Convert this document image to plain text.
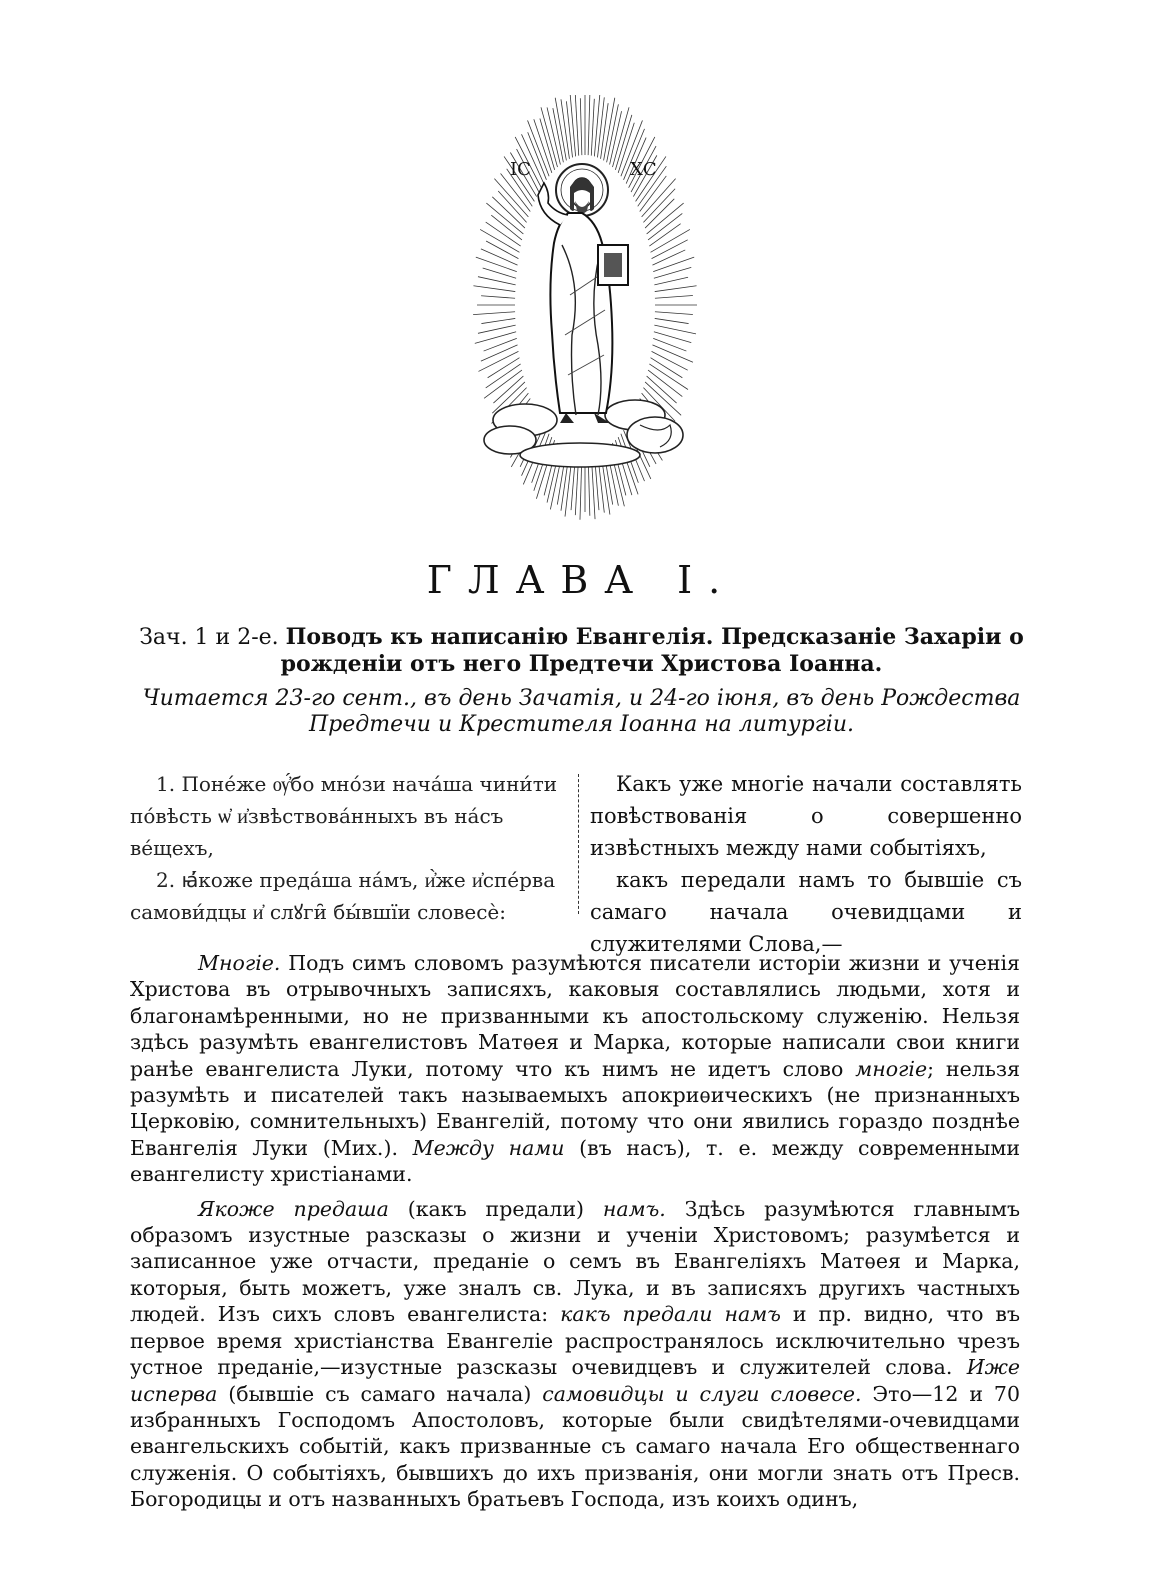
ІС	ХС
ГЛАВА I.
Зач. 1 и 2-е. Поводъ къ написанію Евангелія. Предсказаніе Захаріи о рожденіи отъ него Предтечи Христова Іоанна.
Читается 23-го сент., въ день Зачатія, и 24-го іюня, въ день Рождества Предтечи и Крестителя Іоанна на литургіи.

1. Поне́же ѹ҆́бо мно́зи нача́ша чини́ти по́вѣсть ѡ҆ и҆звѣствова́нныхъ въ на́съ ве́щехъ,

2. ꙗ҆́коже преда́ша на́мъ, и҆̀же и҆спе́рва самови́дцы и҆ слꙋги̑ бы́вшїи словесѐ:

Какъ уже многіе начали составлять повѣствованія о совершенно извѣстныхъ между нами событіяхъ,

какъ передали намъ то бывшіе съ самаго начала очевидцами и служителями Слова,—

Многіе. Подъ симъ словомъ разумѣются писатели исторіи жизни и ученія Христова въ отрывочныхъ записяхъ, каковыя составлялись людьми, хотя и благонамѣренными, но не призванными къ апостольскому служенію. Нельзя здѣсь разумѣть евангелистовъ Матѳея и Марка, которые написали свои книги ранѣе евангелиста Луки, потому что къ нимъ не идетъ слово многіе; нельзя разумѣть и писателей такъ называемыхъ апокриѳическихъ (не признанныхъ Церковію, сомнительныхъ) Евангелій, потому что они явились гораздо позднѣе Евангелія Луки (Мих.). Между нами (въ насъ), т. е. между современными евангелисту христіанами.

Якоже предаша (какъ предали) намъ. Здѣсь разумѣются главнымъ образомъ изустные разсказы о жизни и ученіи Христовомъ; разумѣется и записанное уже отчасти, преданіе о семъ въ Евангеліяхъ Матѳея и Марка, которыя, быть можетъ, уже зналъ св. Лука, и въ записяхъ другихъ частныхъ людей. Изъ сихъ словъ евангелиста: какъ предали намъ и пр. видно, что въ первое время христіанства Евангеліе распространялось исключительно чрезъ устное преданіе,—изустные разсказы очевидцевъ и служителей слова. Иже исперва (бывшіе съ самаго начала) самовидцы и слуги словесе. Это—12 и 70 избранныхъ Господомъ Апостоловъ, которые были свидѣтелями-очевидцами евангельскихъ событій, какъ призванные съ самаго начала Его общественнаго служенія. О событіяхъ, бывшихъ до ихъ призванія, они могли знать отъ Пресв. Богородицы и отъ названныхъ братьевъ Господа, изъ коихъ одинъ,
